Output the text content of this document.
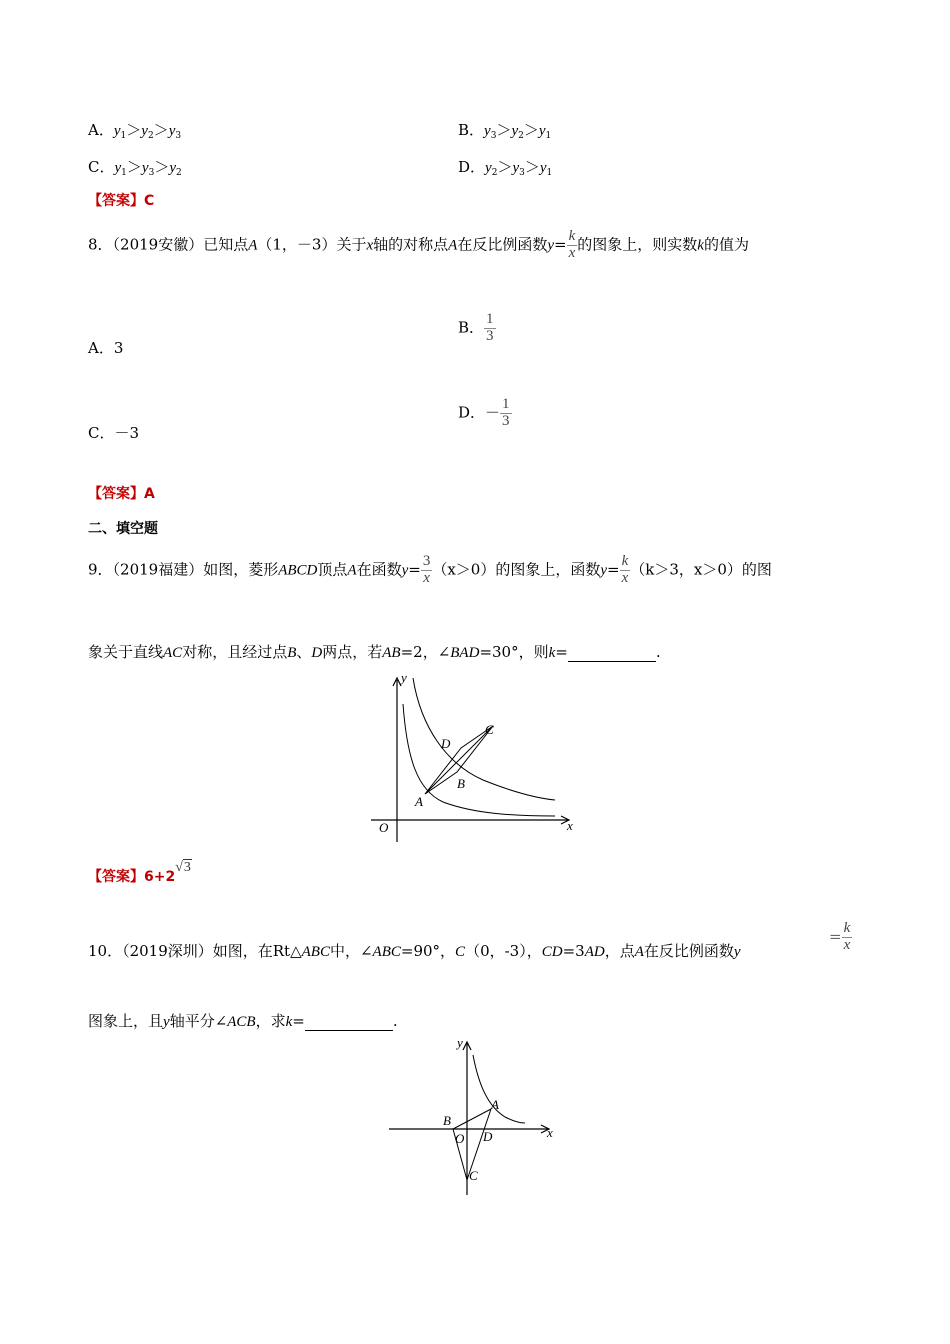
A．$y_1>y_2>y_3$	B．$y_3>y_2>y_1$
C．$y_1>y_3>y_2$	D．$y_2>y_3>y_1$
【答案】C
8．（2019安徽）已知点A（1，－3）关于x轴的对称点A在反比例函数$y= \frac{k}{x}$ 的图象上，则实数k的值为
A．3
B． $\frac{1}{3}$
C．－3
D．－ $\frac{1}{3}$
【答案】A
二、填空题
9．（2019福建）如图，菱形ABCD顶点A在函数$y= \frac{3}{x} (x>0)$的图象上，函数$y= \frac{k}{x} (k>3$，x＞0）的图
象关于直线AC对称，且经过点B、D两点，若AB=2，∠BAD=30°，则k=	.
y
x
O
A
B
C
D
【答案】6+2√3
10．（2019深圳）如图，在Rt△ABC中，∠ABC=90°，C（0，-3），CD=3AD，点A在反比例函数y
= $\frac{k}{x}$
图象上，且y轴平分∠ACB，求k=	.
y
x
O
B
A
D
C
